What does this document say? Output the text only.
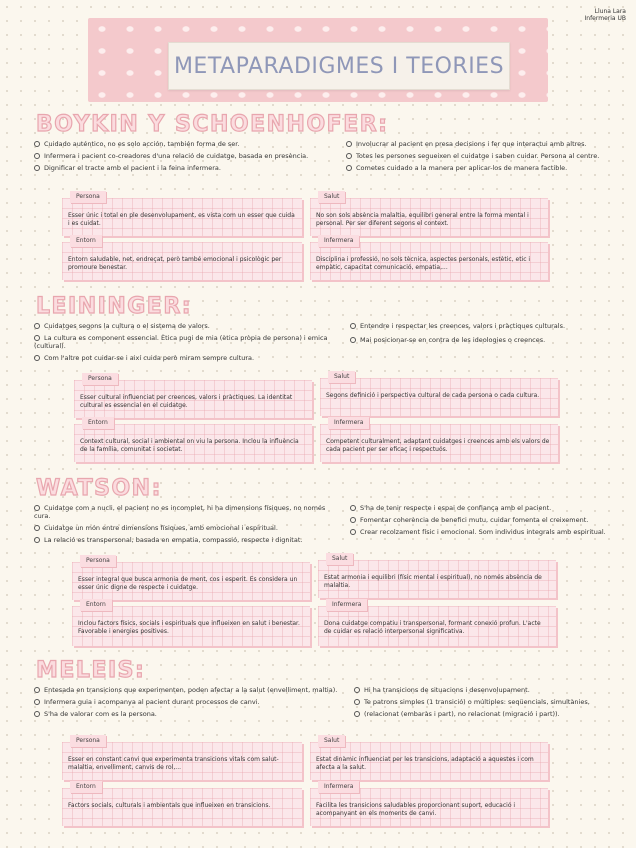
Lluna Lara
Infermeria UB
METAPARADIGMES I TEORIES
BOYKIN Y SCHOENHOFER:
Cuidado auténtico, no es solo acción, también forma de ser.
Infermera i pacient co-creadores d'una relació de cuidatge, basada en presència.
Dignificar el tracte amb el pacient i la feina infermera.
Involucrar al pacient en presa decisions i fer que interactui amb altres.
Totes les persones segueixen el cuidatge i saben cuidar. Persona al centre.
Cometes cuidado a la manera per aplicar-los de manera factible.
Persona
Esser únic i total en ple desenvolupament, es vista com un esser que cuida i es cuidat.
Entorn
Entorn saludable, net, endreçat, però també emocional i psicològic per promoure benestar.
Salut
No son sols absència malaltia, equilibri general entre la forma mental i personal. Per ser diferent segons el context.
Infermera
Disciplina i professió, no sols tècnica, aspectes personals, estètic, etic i empàtic, capacitat comunicació, empatia,...
LEININGER:
Cuidatges segons la cultura o el sistema de valors.
La cultura es component essencial. Ètica pugi de mia (ètica pròpia de persona) i emica (cultural).
Com l'altre pot cuidar-se i així cuida però miram sempre cultura.
Entendre i respectar les creences, valors i pràctiques culturals.
Mai posicionar-se en contra de les ideologies o creences.
Persona
Esser cultural influenciat per creences, valors i pràctiques. La identitat cultural es essencial en el cuidatge.
Entorn
Context cultural, social i ambiental on viu la persona. Inclou la influència de la família, comunitat i societat.
Salut
Segons definició i perspectiva cultural de cada persona o cada cultura.
Infermera
Competent culturalment, adaptant cuidatges i creences amb els valors de cada pacient per ser eficaç i respectuós.
WATSON:
Cuidatge com a nucli, el pacient no es incomplet, hi ha dimensions físiques, no només cura.
Cuidatge un món entre dimensions físiques, amb emocional i espiritual.
La relació es transpersonal, basada en empatia, compassió, respecte i dignitat.
S'ha de tenir respecte i espai de confiança amb el pacient.
Fomentar coherència de benefici mutu, cuidar fomenta el creixement.
Crear recolzament físic i emocional. Som individus integrals amb espiritual.
Persona
Esser integral que busca armonia de ment, cos i esperit. Es considera un esser únic digne de respecte i cuidatge.
Entorn
Inclou factors físics, socials i espirituals que influeixen en salut i benestar. Favorable i energies positives.
Salut
Estat armonia i equilibri (físic mental i espiritual), no només absència de malaltia.
Infermera
Dona cuidatge compatiu i transpersonal, formant conexió profun. L'acte de cuidar es relació interpersonal significativa.
MELEIS:
Entesada en transicions que experimenten, poden afectar a la salut (envelliment, maltia).
Infermera guia i acompanya al pacient durant processos de canvi.
S'ha de valorar com es la persona.
Hi ha transicions de situacions i desenvolupament.
Te patrons simples (1 transició) o múltiples: seqüencials, simultànies,
(relacionat (embaràs i part), no relacionat (migració i part)).
Persona
Esser en constant canvi que experimenta transicions vitals com salut-malaltia, envelliment, canvis de rol,...
Entorn
Factors socials, culturals i ambientals que influeixen en transicions.
Salut
Estat dinàmic influenciat per les transicions, adaptació a aquestes i com afecta a la salut.
Infermera
Facilita les transicions saludables proporcionant suport, educació i acompanyant en els moments de canvi.
